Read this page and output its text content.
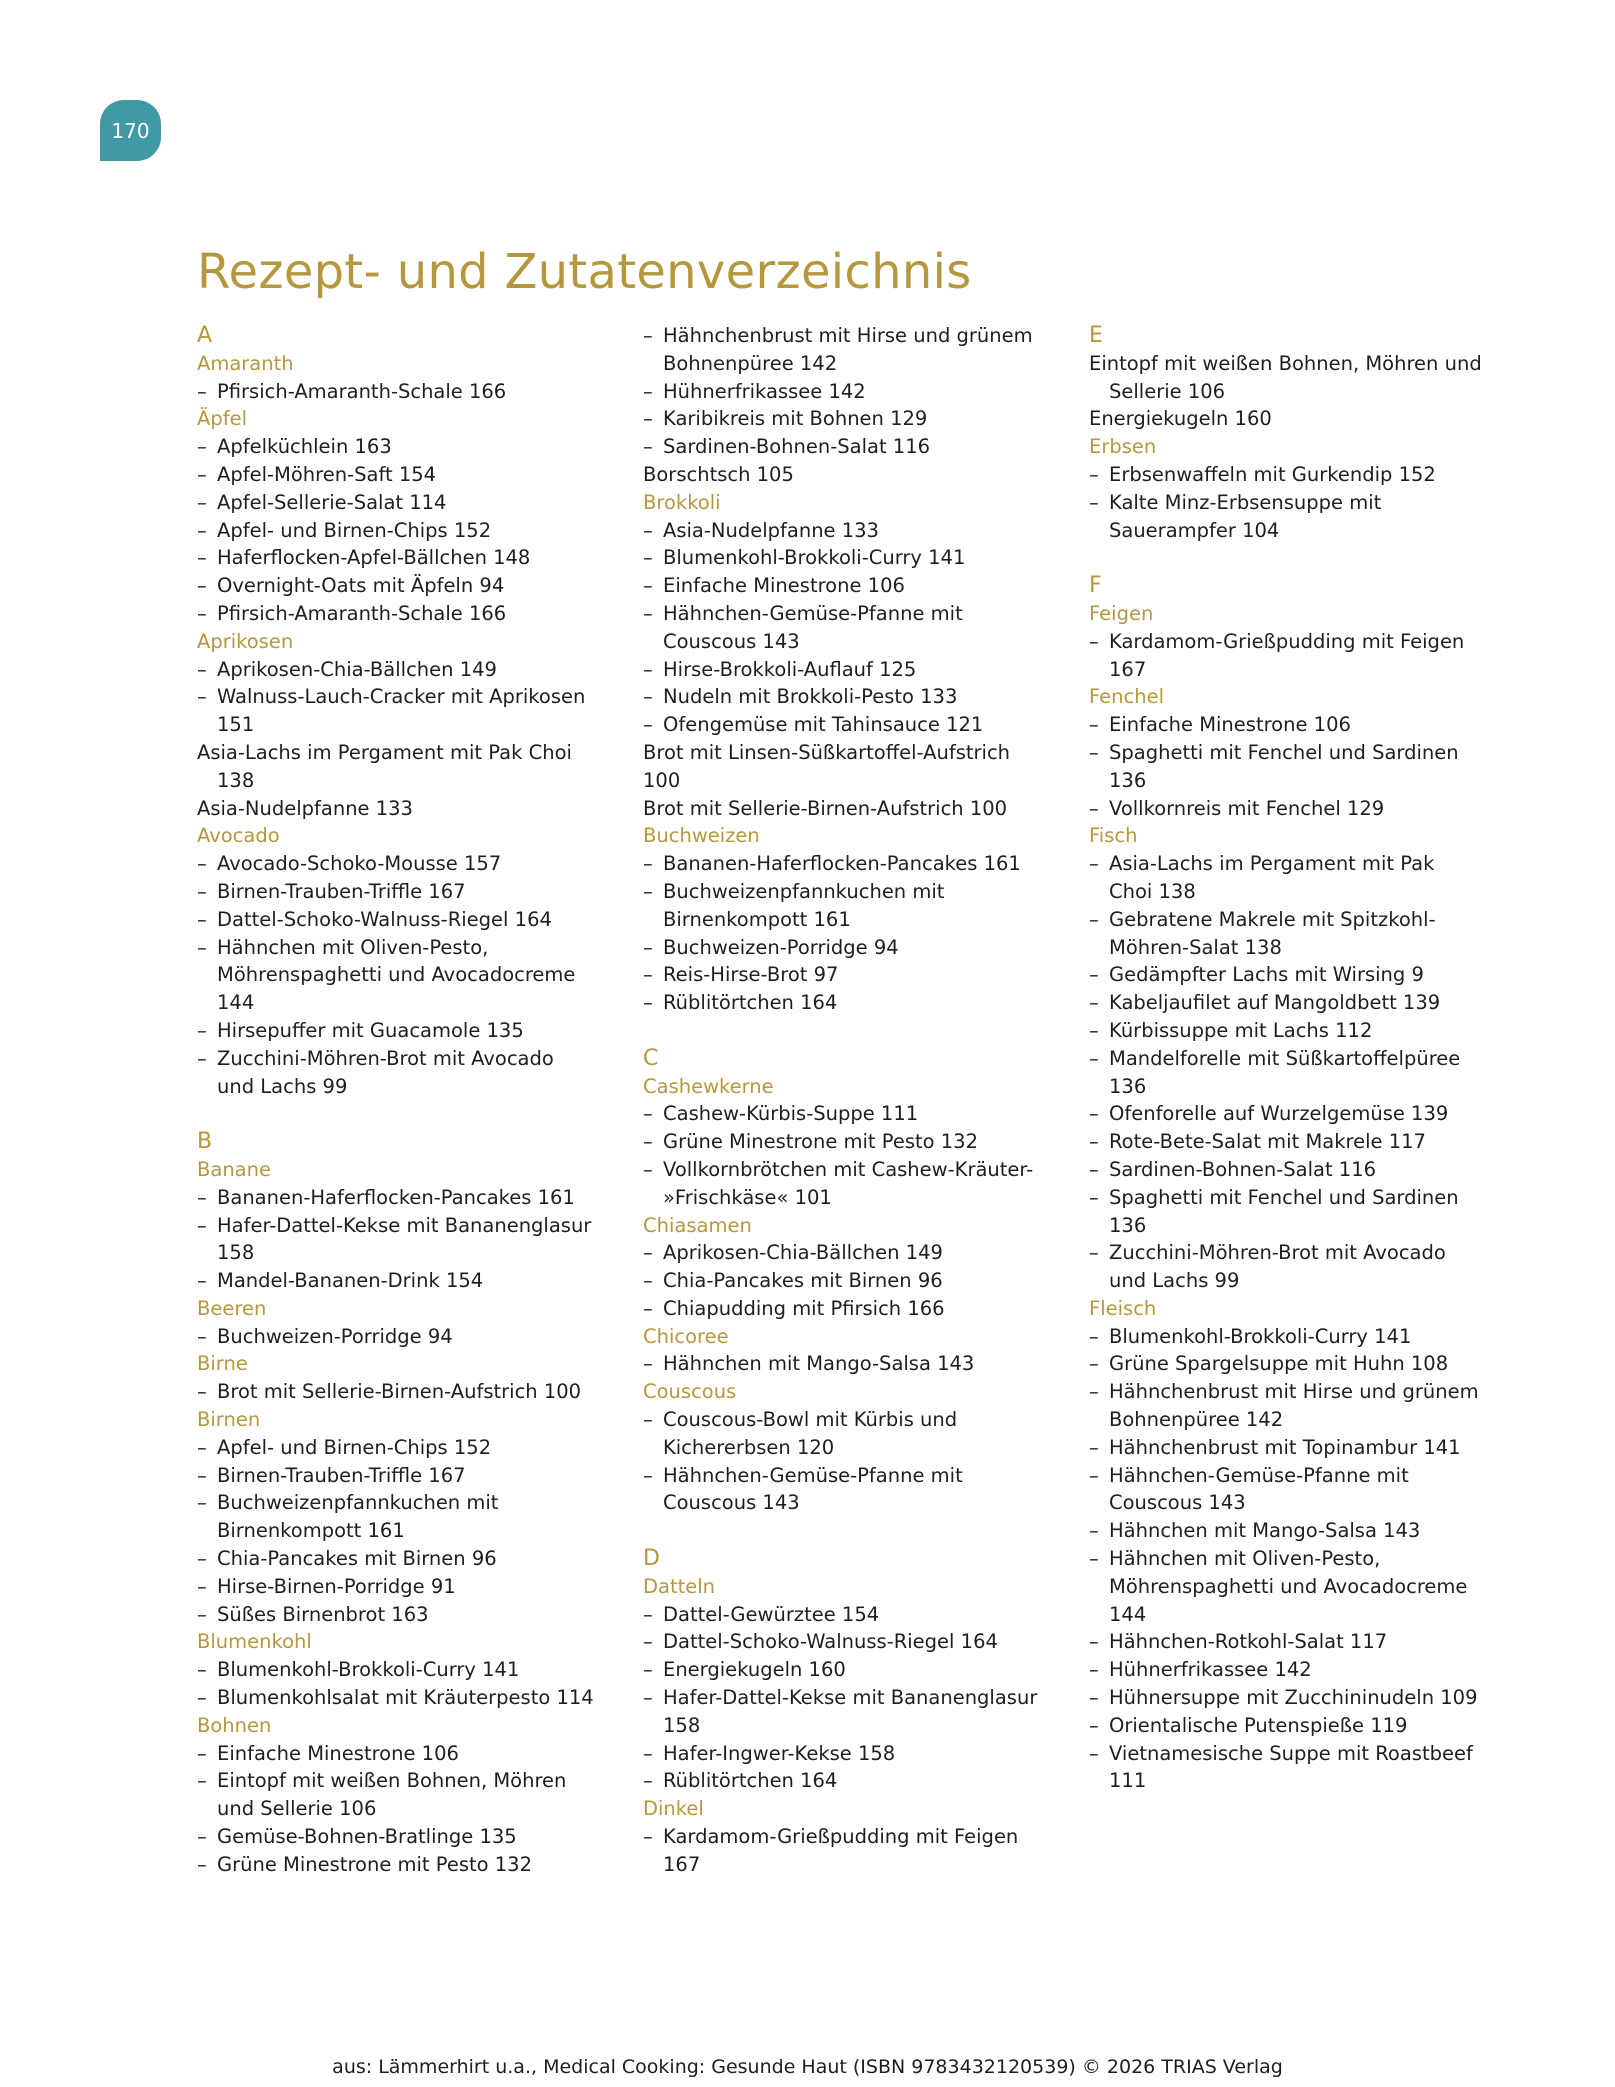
170
Rezept- und Zutatenverzeichnis
A
Amaranth
– Pfirsich-Amaranth-Schale 166
Äpfel
– Apfelküchlein 163
– Apfel-Möhren-Saft 154
– Apfel-Sellerie-Salat 114
– Apfel- und Birnen-Chips 152
– Haferflocken-Apfel-Bällchen 148
– Overnight-Oats mit Äpfeln 94
– Pfirsich-Amaranth-Schale 166
Aprikosen
– Aprikosen-Chia-Bällchen 149
– Walnuss-Lauch-Cracker mit Aprikosen
151
Asia-Lachs im Pergament mit Pak Choi
138
Asia-Nudelpfanne 133
Avocado
– Avocado-Schoko-Mousse 157
– Birnen-Trauben-Triffle 167
– Dattel-Schoko-Walnuss-Riegel 164
– Hähnchen mit Oliven-Pesto,
Möhrenspaghetti und Avocadocreme
144
– Hirsepuffer mit Guacamole 135
– Zucchini-Möhren-Brot mit Avocado
und Lachs 99
B
Banane
– Bananen-Haferflocken-Pancakes 161
– Hafer-Dattel-Kekse mit Bananenglasur
158
– Mandel-Bananen-Drink 154
Beeren
– Buchweizen-Porridge 94
Birne
– Brot mit Sellerie-Birnen-Aufstrich 100
Birnen
– Apfel- und Birnen-Chips 152
– Birnen-Trauben-Triffle 167
– Buchweizenpfannkuchen mit
Birnenkompott 161
– Chia-Pancakes mit Birnen 96
– Hirse-Birnen-Porridge 91
– Süßes Birnenbrot 163
Blumenkohl
– Blumenkohl-Brokkoli-Curry 141
– Blumenkohlsalat mit Kräuterpesto 114
Bohnen
– Einfache Minestrone 106
– Eintopf mit weißen Bohnen, Möhren
und Sellerie 106
– Gemüse-Bohnen-Bratlinge 135
– Grüne Minestrone mit Pesto 132
– Hähnchenbrust mit Hirse und grünem
Bohnenpüree 142
– Hühnerfrikassee 142
– Karibikreis mit Bohnen 129
– Sardinen-Bohnen-Salat 116
Borschtsch 105
Brokkoli
– Asia-Nudelpfanne 133
– Blumenkohl-Brokkoli-Curry 141
– Einfache Minestrone 106
– Hähnchen-Gemüse-Pfanne mit
Couscous 143
– Hirse-Brokkoli-Auflauf 125
– Nudeln mit Brokkoli-Pesto 133
– Ofengemüse mit Tahinsauce 121
Brot mit Linsen-Süßkartoffel-Aufstrich
100
Brot mit Sellerie-Birnen-Aufstrich 100
Buchweizen
– Bananen-Haferflocken-Pancakes 161
– Buchweizenpfannkuchen mit
Birnenkompott 161
– Buchweizen-Porridge 94
– Reis-Hirse-Brot 97
– Rüblitörtchen 164
C
Cashewkerne
– Cashew-Kürbis-Suppe 111
– Grüne Minestrone mit Pesto 132
– Vollkornbrötchen mit Cashew-Kräuter-
»Frischkäse« 101
Chiasamen
– Aprikosen-Chia-Bällchen 149
– Chia-Pancakes mit Birnen 96
– Chiapudding mit Pfirsich 166
Chicoree
– Hähnchen mit Mango-Salsa 143
Couscous
– Couscous-Bowl mit Kürbis und
Kichererbsen 120
– Hähnchen-Gemüse-Pfanne mit
Couscous 143
D
Datteln
– Dattel-Gewürztee 154
– Dattel-Schoko-Walnuss-Riegel 164
– Energiekugeln 160
– Hafer-Dattel-Kekse mit Bananenglasur
158
– Hafer-Ingwer-Kekse 158
– Rüblitörtchen 164
Dinkel
– Kardamom-Grießpudding mit Feigen
167
E
Eintopf mit weißen Bohnen, Möhren und
Sellerie 106
Energiekugeln 160
Erbsen
– Erbsenwaffeln mit Gurkendip 152
– Kalte Minz-Erbsensuppe mit
Sauerampfer 104
F
Feigen
– Kardamom-Grießpudding mit Feigen
167
Fenchel
– Einfache Minestrone 106
– Spaghetti mit Fenchel und Sardinen
136
– Vollkornreis mit Fenchel 129
Fisch
– Asia-Lachs im Pergament mit Pak
Choi 138
– Gebratene Makrele mit Spitzkohl-
Möhren-Salat 138
– Gedämpfter Lachs mit Wirsing 9
– Kabeljaufilet auf Mangoldbett 139
– Kürbissuppe mit Lachs 112
– Mandelforelle mit Süßkartoffelpüree
136
– Ofenforelle auf Wurzelgemüse 139
– Rote-Bete-Salat mit Makrele 117
– Sardinen-Bohnen-Salat 116
– Spaghetti mit Fenchel und Sardinen
136
– Zucchini-Möhren-Brot mit Avocado
und Lachs 99
Fleisch
– Blumenkohl-Brokkoli-Curry 141
– Grüne Spargelsuppe mit Huhn 108
– Hähnchenbrust mit Hirse und grünem
Bohnenpüree 142
– Hähnchenbrust mit Topinambur 141
– Hähnchen-Gemüse-Pfanne mit
Couscous 143
– Hähnchen mit Mango-Salsa 143
– Hähnchen mit Oliven-Pesto,
Möhrenspaghetti und Avocadocreme
144
– Hähnchen-Rotkohl-Salat 117
– Hühnerfrikassee 142
– Hühnersuppe mit Zucchininudeln 109
– Orientalische Putenspieße 119
– Vietnamesische Suppe mit Roastbeef
111
aus: Lämmerhirt u.a., Medical Cooking: Gesunde Haut (ISBN 9783432120539) © 2026 TRIAS Verlag
